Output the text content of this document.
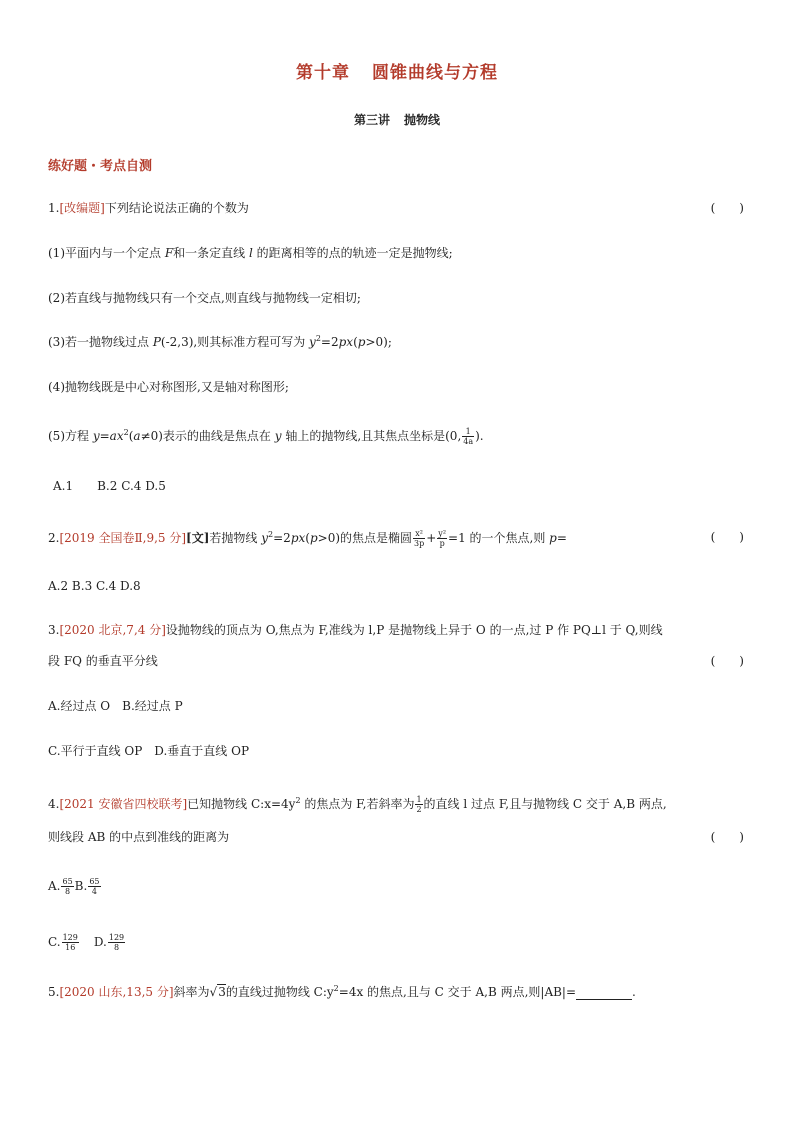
第十章 圆锥曲线与方程
第三讲 抛物线
练好题・考点自测
1.[改编题]下列结论说法正确的个数为	(　　)
(1)平面内与一个定点 F和一条定直线 l 的距离相等的点的轨迹一定是抛物线;
(2)若直线与抛物线只有一个交点,则直线与抛物线一定相切;
(3)若一抛物线过点 P(-2,3),则其标准方程可写为 $y^2=2px(p>0)$;
(4)抛物线既是中心对称图形,又是轴对称图形;
(5)方程 $y=ax^2(a\ne 0)$表示的曲线是焦点在 y 轴上的抛物线,且其焦点坐标是(0, $\frac{1}{4a}$ ).
A.1　　B.2 C.4 D.5
2.[2019 全国卷Ⅱ,9,5 分][文]若抛物线 $y^2=2px(p>0)$的焦点是椭圆 $\frac{\text{x²}}{3p} + \frac{\text{y²}}{p} =1$ 的一个焦点,则 p=	(　　)
A.2 B.3 C.4 D.8
3.[2020 北京,7,4 分]设抛物线的顶点为 O,焦点为 F,准线为 l,P 是抛物线上异于 O 的一点,过 P 作 PQ⊥l 于 Q,则线
段 FQ 的垂直平分线	(　　)
A.经过点 O　B.经过点 P
C.平行于直线 OP　D.垂直于直线 OP
4.[2021 安徽省四校联考]已知抛物线 $C:x=4y^2$ 的焦点为 F,若斜率为 $\frac{1}{2}$ 的直线 l 过点 F,且与抛物线 C 交于 A,B 两点,
则线段 AB 的中点到准线的距离为	(　　)
A. $\frac{65}{8} B$. $\frac{65}{4}$
C. $\frac{129}{16} D$. $\frac{129}{8}$
5.[2020 山东,13,5 分]斜率为√3的直线过抛物线 $C:y^2=4x$ 的焦点,且与 C 交于 A,B 两点,则|AB|=	.
